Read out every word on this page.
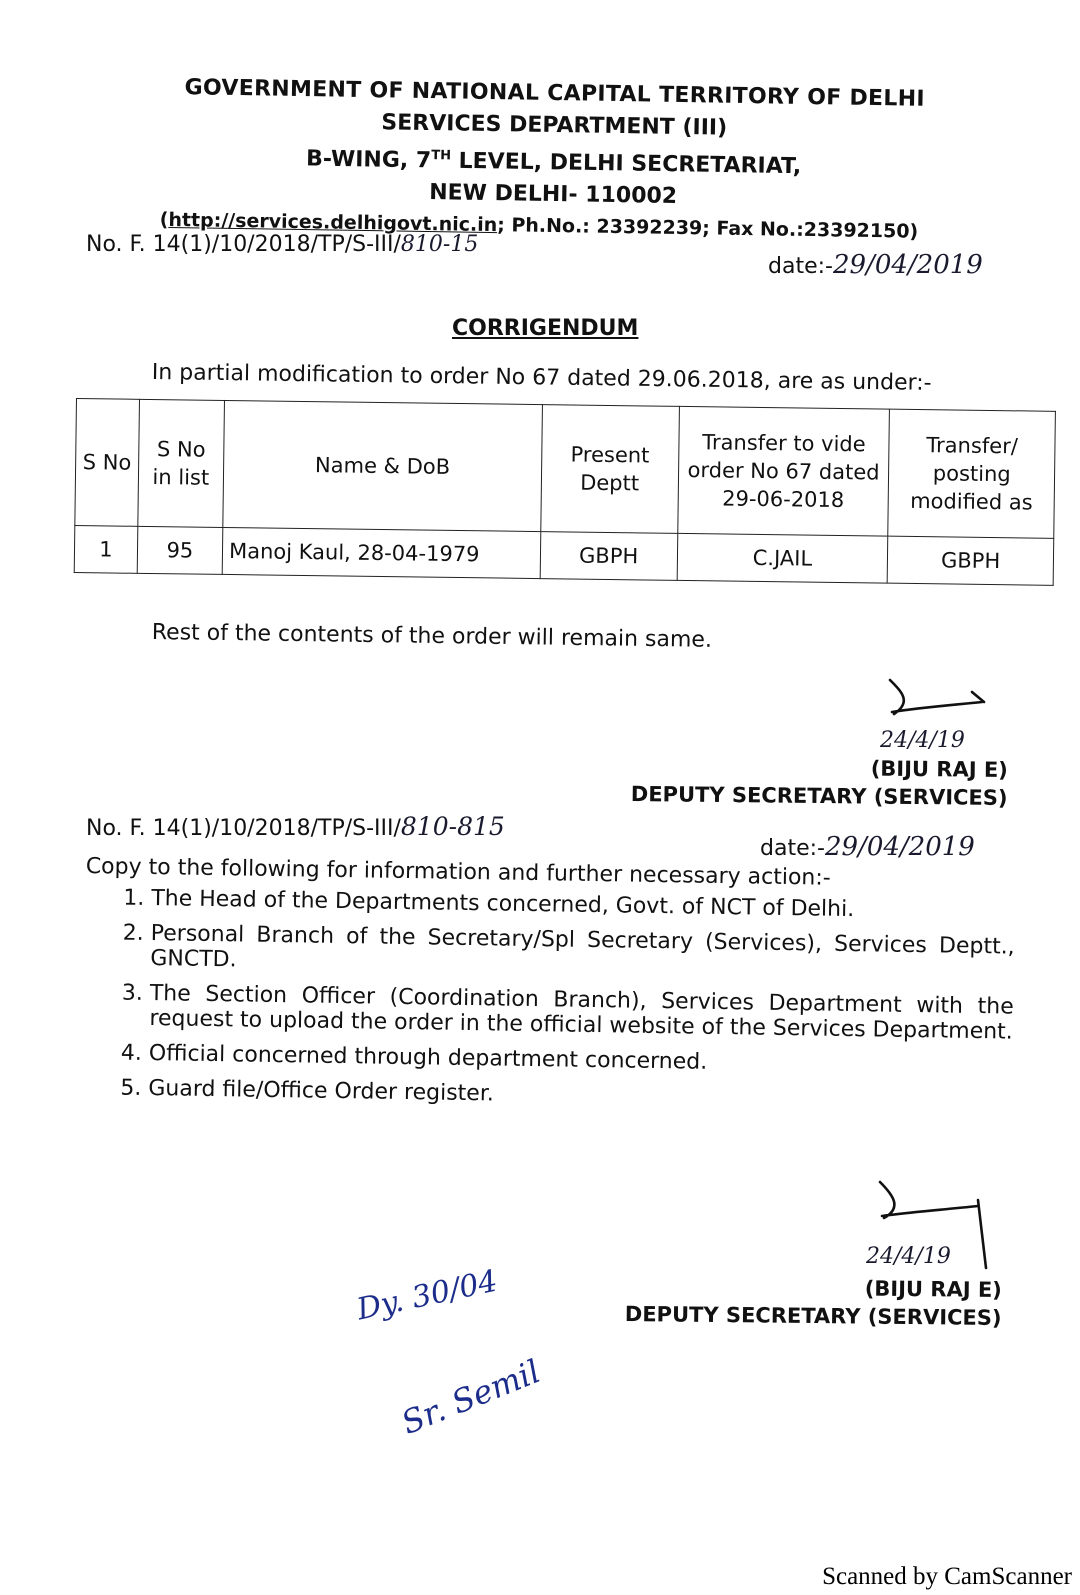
GOVERNMENT OF NATIONAL CAPITAL TERRITORY OF DELHI
SERVICES DEPARTMENT (III)
B-WING, 7TH LEVEL, DELHI SECRETARIAT,
NEW DELHI- 110002
(http://services.delhigovt.nic.in; Ph.No.: 23392239; Fax No.:23392150)
No. F. 14(1)/10/2018/TP/S-III/810-15
date:-29/04/2019
CORRIGENDUM
In partial modification to order No 67 dated 29.06.2018, are as under:-
S No	S No in list	Name & DoB	Present Deptt	Transfer to vide order No 67 dated 29-06-2018	Transfer/ posting modified as
1	95	Manoj Kaul, 28-04-1979	GBPH	C.JAIL	GBPH
Rest of the contents of the order will remain same.
24/4/19
(BIJU RAJ E)
DEPUTY SECRETARY (SERVICES)
No. F. 14(1)/10/2018/TP/S-III/810-815
date:-29/04/2019
Copy to the following for information and further necessary action:-
1. The Head of the Departments concerned, Govt. of NCT of Delhi.
2. Personal Branch of the Secretary/Spl Secretary (Services), Services Deptt., GNCTD.
3. The Section Officer (Coordination Branch), Services Department with the request to upload the order in the official website of the Services Department.
4. Official concerned through department concerned.
5. Guard file/Office Order register.
24/4/19
(BIJU RAJ E)
DEPUTY SECRETARY (SERVICES)
Dy. 30/04
Sr. Semil
Scanned by CamScanner
